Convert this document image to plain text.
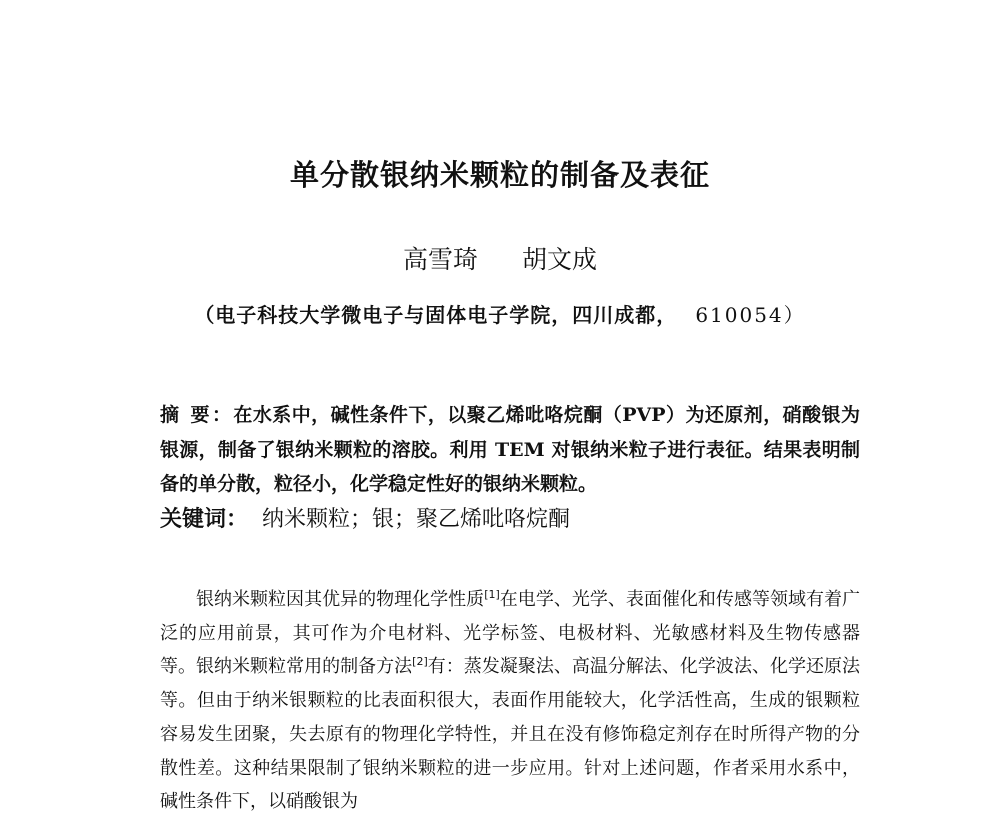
单分散银纳米颗粒的制备及表征
高雪琦 胡文成
（电子科技大学微电子与固体电子学院，四川成都， 610054）

摘 要：在水系中，碱性条件下，以聚乙烯吡咯烷酮（PVP）为还原剂，硝酸银为银源，制备了银纳米颗粒的溶胶。利用 TEM 对银纳米粒子进行表征。结果表明制备的单分散，粒径小，化学稳定性好的银纳米颗粒。

关键词： 纳米颗粒；银；聚乙烯吡咯烷酮

银纳米颗粒因其优异的物理化学性质[1]在电学、光学、表面催化和传感等领域有着广泛的应用前景，其可作为介电材料、光学标签、电极材料、光敏感材料及生物传感器等。银纳米颗粒常用的制备方法[2]有：蒸发凝聚法、高温分解法、化学波法、化学还原法等。但由于纳米银颗粒的比表面积很大，表面作用能较大，化学活性高，生成的银颗粒容易发生团聚，失去原有的物理化学特性，并且在没有修饰稳定剂存在时所得产物的分散性差。这种结果限制了银纳米颗粒的进一步应用。针对上述问题，作者采用水系中，碱性条件下，以硝酸银为
